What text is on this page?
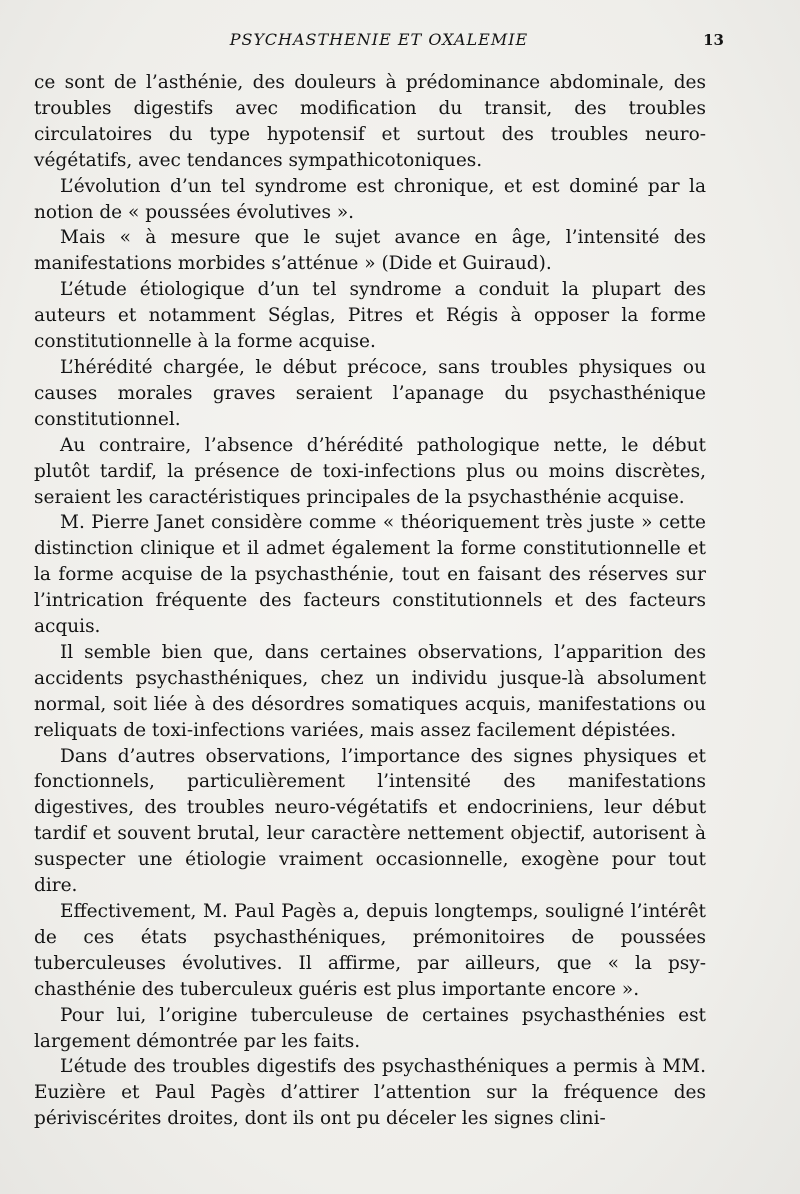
PSYCHASTHENIE ET OXALEMIE	13

ce sont de l’asthénie, des douleurs à prédominance abdominale, des troubles digestifs avec modification du transit, des troubles circulatoires du type hypotensif et surtout des troubles neuro-végétatifs, avec tendances sympathicotoniques.

L’évolution d’un tel syndrome est chronique, et est dominé par la notion de « poussées évolutives ».

Mais « à mesure que le sujet avance en âge, l’intensité des manifestations morbides s’atténue » (Dide et Guiraud).

L’étude étiologique d’un tel syndrome a conduit la plupart des auteurs et notamment Séglas, Pitres et Régis à opposer la forme constitutionnelle à la forme acquise.

L’hérédité chargée, le début précoce, sans troubles physiques ou causes morales graves seraient l’apanage du psychasthénique constitutionnel.

Au contraire, l’absence d’hérédité pathologique nette, le début plutôt tardif, la présence de toxi-infections plus ou moins discrètes, seraient les caractéristiques principales de la psychasthénie acquise.

M. Pierre Janet considère comme « théoriquement très juste » cette distinction clinique et il admet également la forme constitutionnelle et la forme acquise de la psychasthénie, tout en faisant des réserves sur l’intrication fréquente des facteurs constitutionnels et des facteurs acquis.

Il semble bien que, dans certaines observations, l’apparition des accidents psychasthéniques, chez un individu jusque-là absolument normal, soit liée à des désordres somatiques acquis, manifestations ou reliquats de toxi-infections variées, mais assez facilement dépistées.

Dans d’autres observations, l’importance des signes physiques et fonctionnels, particulièrement l’intensité des manifestations digestives, des troubles neuro-végétatifs et endocriniens, leur début tardif et souvent brutal, leur caractère nettement objectif, autorisent à suspecter une étiologie vraiment occasionnelle, exogène pour tout dire.

Effectivement, M. Paul Pagès a, depuis longtemps, souligné l’intérêt de ces états psychasthéniques, prémonitoires de poussées tuberculeuses évolutives. Il affirme, par ailleurs, que « la psychasthénie des tuberculeux guéris est plus importante encore ».

Pour lui, l’origine tuberculeuse de certaines psychasthénies est largement démontrée par les faits.

L’étude des troubles digestifs des psychasthéniques a permis à MM. Euzière et Paul Pagès d’attirer l’attention sur la fréquence des périviscérites droites, dont ils ont pu déceler les signes clini-
